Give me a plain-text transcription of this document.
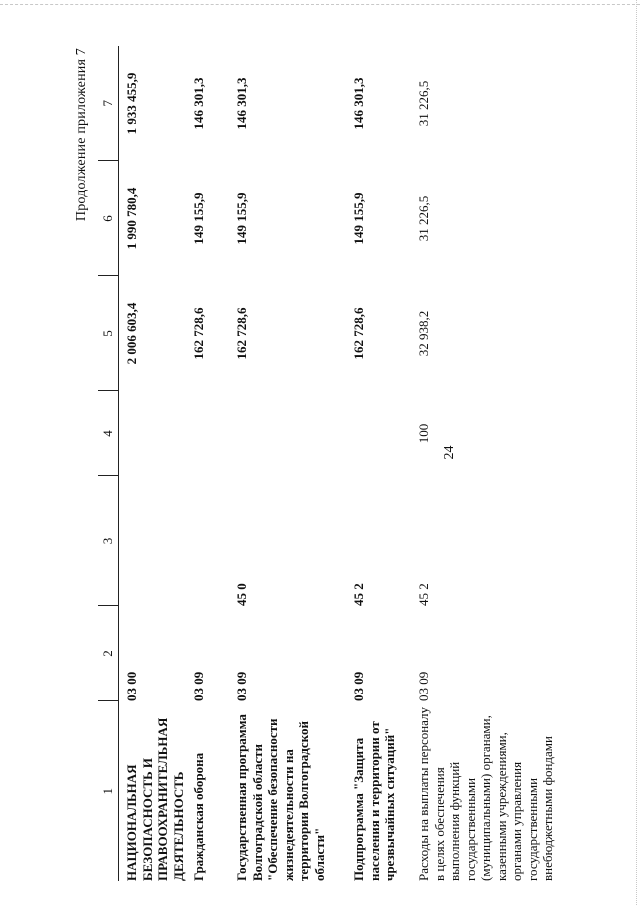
24
Продолжение приложения 7
1	2	3	4	5	6	7
НАЦИОНАЛЬНАЯ БЕЗОПАСНОСТЬ И ПРАВООХРАНИТЕЛЬНАЯ ДЕЯТЕЛЬНОСТЬ	03 00			2 006 603,4	1 990 780,4	1 933 455,9
Гражданская оборона	03 09			162 728,6	149 155,9	146 301,3
Государственная программа Волгоградской области "Обеспечение безопасности жизнедеятельности на территории Волгоградской области"	03 09	45 0		162 728,6	149 155,9	146 301,3
Подпрограмма "Защита населения и территории от чрезвычайных ситуаций"	03 09	45 2		162 728,6	149 155,9	146 301,3
Расходы на выплаты персоналу в целях обеспечения выполнения функций государственными (муниципальными) органами, казенными учреждениями, органами управления государственными внебюджетными фондами	03 09	45 2	100	32 938,2	31 226,5	31 226,5
